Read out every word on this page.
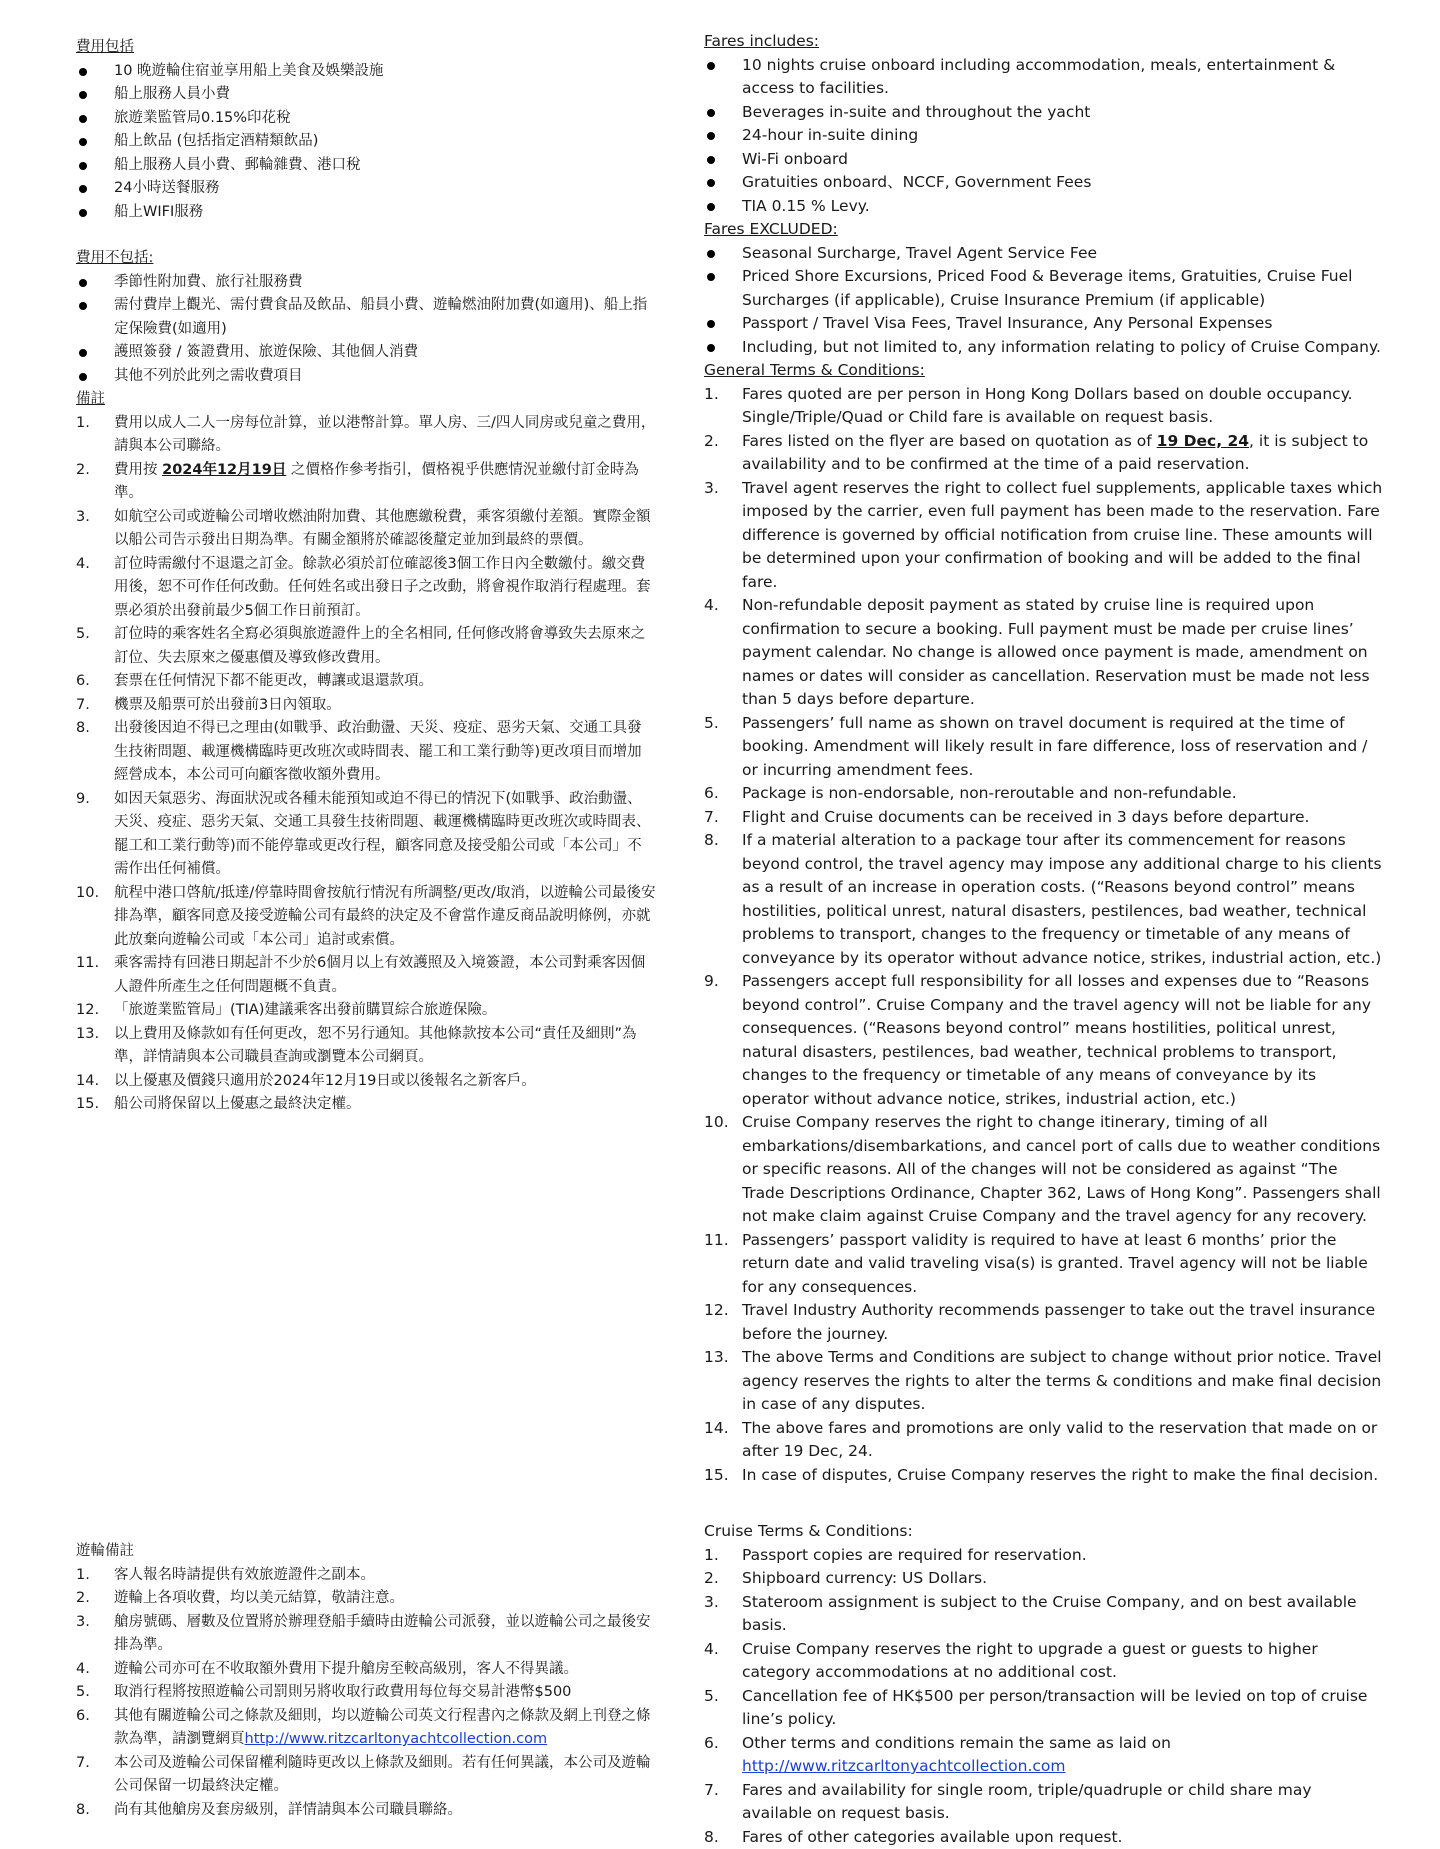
費用包括
10 晚遊輪住宿並享用船上美食及娛樂設施
船上服務人員小費
旅遊業監管局0.15%印花稅
船上飲品 (包括指定酒精類飲品)
船上服務人員小費、郵輪雜費、港口稅
24小時送餐服務
船上WIFI服務
費用不包括:
季節性附加費、旅行社服務費
需付費岸上觀光、需付費食品及飲品、船員小費、遊輪燃油附加費(如適用)、船上指定保險費(如適用)
護照簽發 / 簽證費用、旅遊保險、其他個人消費
其他不列於此列之需收費項目
備註
1.	費用以成人二人一房每位計算，並以港幣計算。單人房、三/四人同房或兒童之費用，請與本公司聯絡。
2.	費用按 2024年12月19日 之價格作參考指引，價格視乎供應情況並繳付訂金時為準。
3.	如航空公司或遊輪公司增收燃油附加費、其他應繳稅費，乘客須繳付差額。實際金額以船公司告示發出日期為準。有關金額將於確認後釐定並加到最終的票價。
4.	訂位時需繳付不退還之訂金。餘款必須於訂位確認後3個工作日內全數繳付。繳交費用後，恕不可作任何改動。任何姓名或出發日子之改動，將會視作取消行程處理。套票必須於出發前最少5個工作日前預訂。
5.	訂位時的乘客姓名全寫必須與旅遊證件上的全名相同, 任何修改將會導致失去原來之訂位、失去原來之優惠價及導致修改費用。
6.	套票在任何情況下都不能更改，轉讓或退還款項。
7.	機票及船票可於出發前3日內領取。
8.	出發後因迫不得已之理由(如戰爭、政治動盪、天災、疫症、惡劣天氣、交通工具發生技術問題、載運機構臨時更改班次或時間表、罷工和工業行動等)更改項目而增加經營成本，本公司可向顧客徵收額外費用。
9.	如因天氣惡劣、海面狀況或各種未能預知或迫不得已的情況下(如戰爭、政治動盪、天災、疫症、惡劣天氣、交通工具發生技術問題、載運機構臨時更改班次或時間表、罷工和工業行動等)而不能停靠或更改行程，顧客同意及接受船公司或「本公司」不需作出任何補償。
10.	航程中港口啓航/抵達/停靠時間會按航行情況有所調整/更改/取消，以遊輪公司最後安排為準，顧客同意及接受遊輪公司有最終的決定及不會當作違反商品說明條例，亦就此放棄向遊輪公司或「本公司」追討或索償。
11.	乘客需持有回港日期起計不少於6個月以上有效護照及入境簽證，本公司對乘客因個人證件所產生之任何問題概不負責。
12.	「旅遊業監管局」(TIA)建議乘客出發前購買綜合旅遊保險。
13.	以上費用及條款如有任何更改，恕不另行通知。其他條款按本公司“責任及細則”為準，詳情請與本公司職員查詢或瀏覽本公司網頁。
14.	以上優惠及價錢只適用於2024年12月19日或以後報名之新客戶。
15.	船公司將保留以上優惠之最終決定權。
遊輪備註
1.	客人報名時請提供有效旅遊證件之副本。
2.	遊輪上各項收費，均以美元結算，敬請注意。
3.	艙房號碼、層數及位置將於辦理登船手續時由遊輪公司派發，並以遊輪公司之最後安排為準。
4.	遊輪公司亦可在不收取額外費用下提升艙房至較高級別，客人不得異議。
5.	取消行程將按照遊輪公司罰則另將收取行政費用每位每交易計港幣$500
6.	其他有關遊輪公司之條款及細則，均以遊輪公司英文行程書內之條款及網上刊登之條款為準，請瀏覽網頁http://www.ritzcarltonyachtcollection.com
7.	本公司及遊輪公司保留權利隨時更改以上條款及細則。若有任何異議，本公司及遊輪公司保留一切最終決定權。
8.	尚有其他艙房及套房級別，詳情請與本公司職員聯絡。
Fares includes:
10 nights cruise onboard including accommodation, meals, entertainment & access to facilities.
Beverages in-suite and throughout the yacht
24-hour in-suite dining
Wi-Fi onboard
Gratuities onboard、NCCF, Government Fees
TIA 0.15 % Levy.
Fares EXCLUDED:
Seasonal Surcharge, Travel Agent Service Fee
Priced Shore Excursions, Priced Food & Beverage items, Gratuities, Cruise Fuel Surcharges (if applicable), Cruise Insurance Premium (if applicable)
Passport / Travel Visa Fees, Travel Insurance, Any Personal Expenses
Including, but not limited to, any information relating to policy of Cruise Company.
General Terms & Conditions:
1.	Fares quoted are per person in Hong Kong Dollars based on double occupancy. Single/Triple/Quad or Child fare is available on request basis.
2.	Fares listed on the flyer are based on quotation as of 19 Dec, 24, it is subject to availability and to be confirmed at the time of a paid reservation.
3.	Travel agent reserves the right to collect fuel supplements, applicable taxes which imposed by the carrier, even full payment has been made to the reservation. Fare difference is governed by official notification from cruise line. These amounts will be determined upon your confirmation of booking and will be added to the final fare.
4.	Non-refundable deposit payment as stated by cruise line is required upon confirmation to secure a booking. Full payment must be made per cruise lines’ payment calendar. No change is allowed once payment is made, amendment on names or dates will consider as cancellation. Reservation must be made not less than 5 days before departure.
5.	Passengers’ full name as shown on travel document is required at the time of booking. Amendment will likely result in fare difference, loss of reservation and / or incurring amendment fees.
6.	Package is non-endorsable, non-reroutable and non-refundable.
7.	Flight and Cruise documents can be received in 3 days before departure.
8.	If a material alteration to a package tour after its commencement for reasons beyond control, the travel agency may impose any additional charge to his clients as a result of an increase in operation costs. (“Reasons beyond control” means hostilities, political unrest, natural disasters, pestilences, bad weather, technical problems to transport, changes to the frequency or timetable of any means of conveyance by its operator without advance notice, strikes, industrial action, etc.)
9.	Passengers accept full responsibility for all losses and expenses due to “Reasons beyond control”. Cruise Company and the travel agency will not be liable for any consequences. (“Reasons beyond control” means hostilities, political unrest, natural disasters, pestilences, bad weather, technical problems to transport, changes to the frequency or timetable of any means of conveyance by its operator without advance notice, strikes, industrial action, etc.)
10. Cruise Company reserves the right to change itinerary, timing of all embarkations/disembarkations, and cancel port of calls due to weather conditions or specific reasons. All of the changes will not be considered as against “The Trade Descriptions Ordinance, Chapter 362, Laws of Hong Kong”. Passengers shall not make claim against Cruise Company and the travel agency for any recovery.
11. Passengers’ passport validity is required to have at least 6 months’ prior the return date and valid traveling visa(s) is granted. Travel agency will not be liable for any consequences.
12. Travel Industry Authority recommends passenger to take out the travel insurance before the journey.
13. The above Terms and Conditions are subject to change without prior notice. Travel agency reserves the rights to alter the terms & conditions and make final decision in case of any disputes.
14. The above fares and promotions are only valid to the reservation that made on or after 19 Dec, 24.
15. In case of disputes, Cruise Company reserves the right to make the final decision.
Cruise Terms & Conditions:
1.	Passport copies are required for reservation.
2.	Shipboard currency: US Dollars.
3.	Stateroom assignment is subject to the Cruise Company, and on best available basis.
4.	Cruise Company reserves the right to upgrade a guest or guests to higher category accommodations at no additional cost.
5.	Cancellation fee of HK$500 per person/transaction will be levied on top of cruise line’s policy.
6.	Other terms and conditions remain the same as laid on http://www.ritzcarltonyachtcollection.com
7.	Fares and availability for single room, triple/quadruple or child share may available on request basis.
8.	Fares of other categories available upon request.
